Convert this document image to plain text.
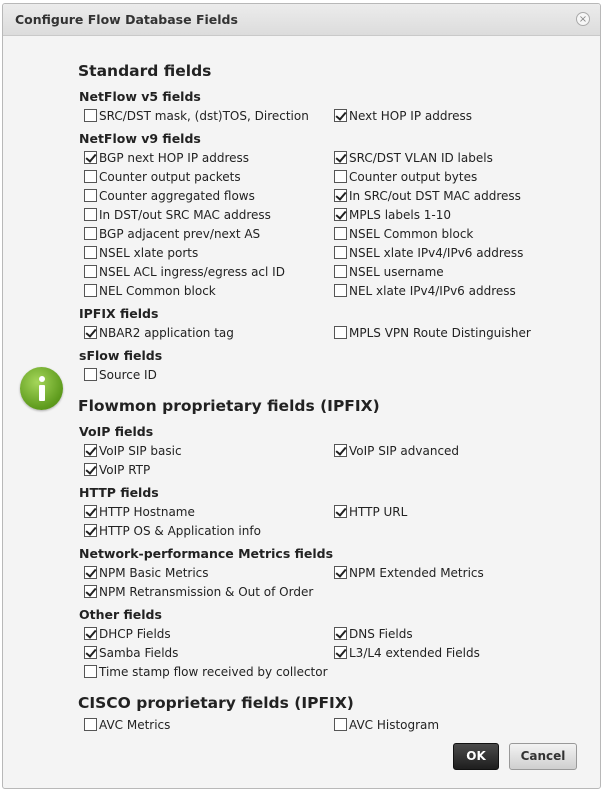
Configure Flow Database Fields	×
Standard fields
NetFlow v5 fields
NetFlow v9 fields
IPFIX fields
sFlow fields
Flowmon proprietary fields (IPFIX)
VoIP fields
HTTP fields
Network-performance Metrics fields
Other fields
CISCO proprietary fields (IPFIX)
SRC/DST mask, (dst)TOS, Direction	Next HOP IP address
BGP next HOP IP address	SRC/DST VLAN ID labels
Counter output packets	Counter output bytes
Counter aggregated flows	In SRC/out DST MAC address
In DST/out SRC MAC address	MPLS labels 1-10
BGP adjacent prev/next AS	NSEL Common block
NSEL xlate ports	NSEL xlate IPv4/IPv6 address
NSEL ACL ingress/egress acl ID	NSEL username
NEL Common block	NEL xlate IPv4/IPv6 address
NBAR2 application tag	MPLS VPN Route Distinguisher
Source ID
VoIP SIP basic	VoIP SIP advanced
VoIP RTP
HTTP Hostname	HTTP URL
HTTP OS & Application info
NPM Basic Metrics	NPM Extended Metrics
NPM Retransmission & Out of Order
DHCP Fields	DNS Fields
Samba Fields	L3/L4 extended Fields
Time stamp flow received by collector
AVC Metrics	AVC Histogram
OK	Cancel
